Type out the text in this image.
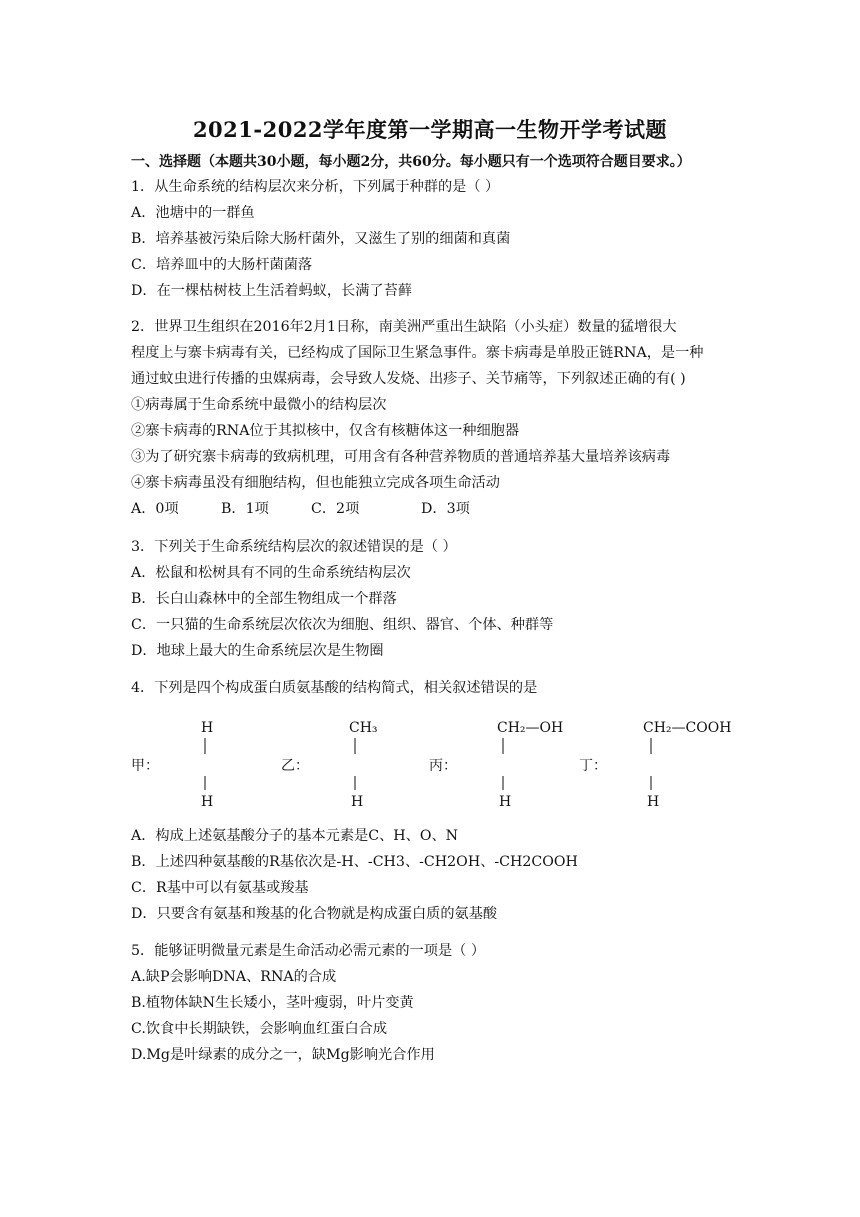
2021-2022学年度第一学期高一生物开学考试题
一、选择题（本题共30小题，每小题2分，共60分。每小题只有一个选项符合题目要求。）
1．从生命系统的结构层次来分析，下列属于种群的是（ ）
A．池塘中的一群鱼
B．培养基被污染后除大肠杆菌外，又滋生了别的细菌和真菌
C．培养皿中的大肠杆菌菌落
D．在一棵枯树枝上生活着蚂蚁，长满了苔藓
2．世界卫生组织在2016年2月1日称，南美洲严重出生缺陷（小头症）数量的猛增很大
程度上与寨卡病毒有关，已经构成了国际卫生紧急事件。寨卡病毒是单股正链RNA，是一种
通过蚊虫进行传播的虫媒病毒，会导致人发烧、出疹子、关节痛等，下列叙述正确的有( )
①病毒属于生命系统中最微小的结构层次
②寨卡病毒的RNA位于其拟核中，仅含有核糖体这一种细胞器
③为了研究寨卡病毒的致病机理，可用含有各种营养物质的普通培养基大量培养该病毒
④寨卡病毒虽没有细胞结构，但也能独立完成各项生命活动
A．0项	B．1项	C．2项	D．3项
3．下列关于生命系统结构层次的叙述错误的是（ ）
A．松鼠和松树具有不同的生命系统结构层次
B．长白山森林中的全部生物组成一个群落
C．一只猫的生命系统层次依次为细胞、组织、器官、个体、种群等
D．地球上最大的生命系统层次是生物圈
4．下列是四个构成蛋白质氨基酸的结构简式，相关叙述错误的是
H
甲：
H
CH₃
乙：
H
CH₂—OH
丙：
H
CH₂—COOH
丁：
H
A．构成上述氨基酸分子的基本元素是C、H、O、N
B．上述四种氨基酸的R基依次是-H、-CH3、-CH2OH、-CH2COOH
C．R基中可以有氨基或羧基
D．只要含有氨基和羧基的化合物就是构成蛋白质的氨基酸
5．能够证明微量元素是生命活动必需元素的一项是（ ）
A.缺P会影响DNA、RNA的合成
B.植物体缺N生长矮小，茎叶瘦弱，叶片变黄
C.饮食中长期缺铁，会影响血红蛋白合成
D.Mg是叶绿素的成分之一，缺Mg影响光合作用
